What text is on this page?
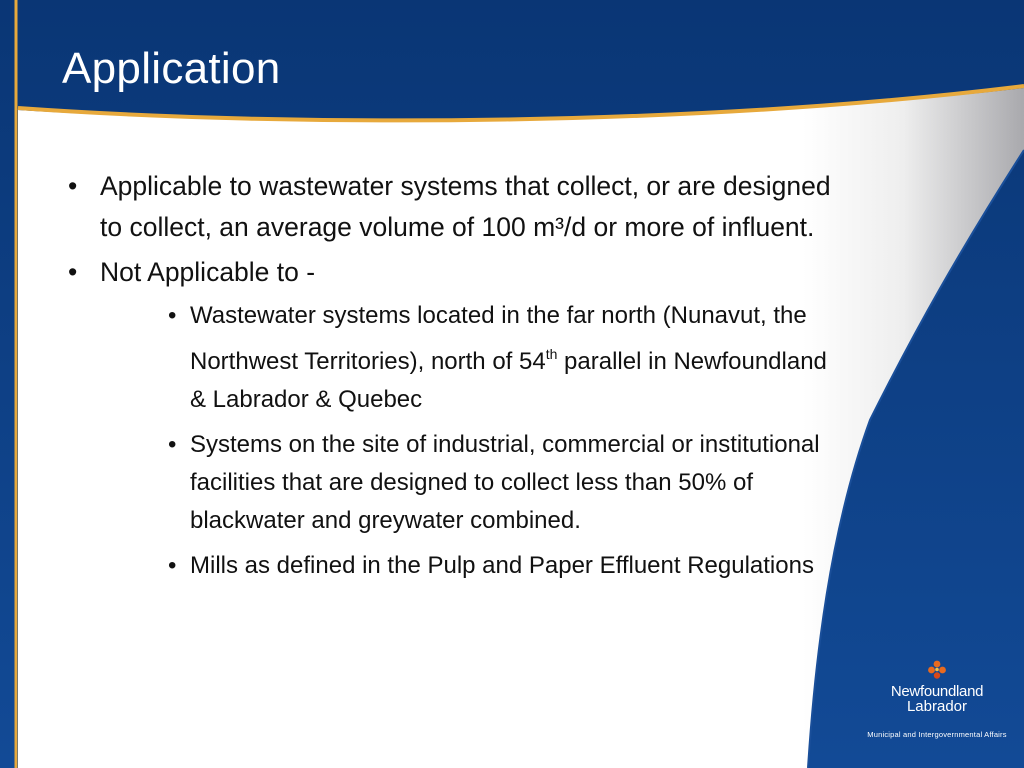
Application
• Applicable to wastewater systems that collect, or are designed to collect, an average volume of 100 m³/d or more of influent.
• Not Applicable to -
• Wastewater systems located in the far north (Nunavut, the Northwest Territories), north of 54th parallel in Newfoundland & Labrador & Quebec
• Systems on the site of industrial, commercial or institutional facilities that are designed to collect less than 50% of blackwater and greywater combined.
• Mills as defined in the Pulp and Paper Effluent Regulations
Newfoundland
Labrador
Municipal and Intergovernmental Affairs
